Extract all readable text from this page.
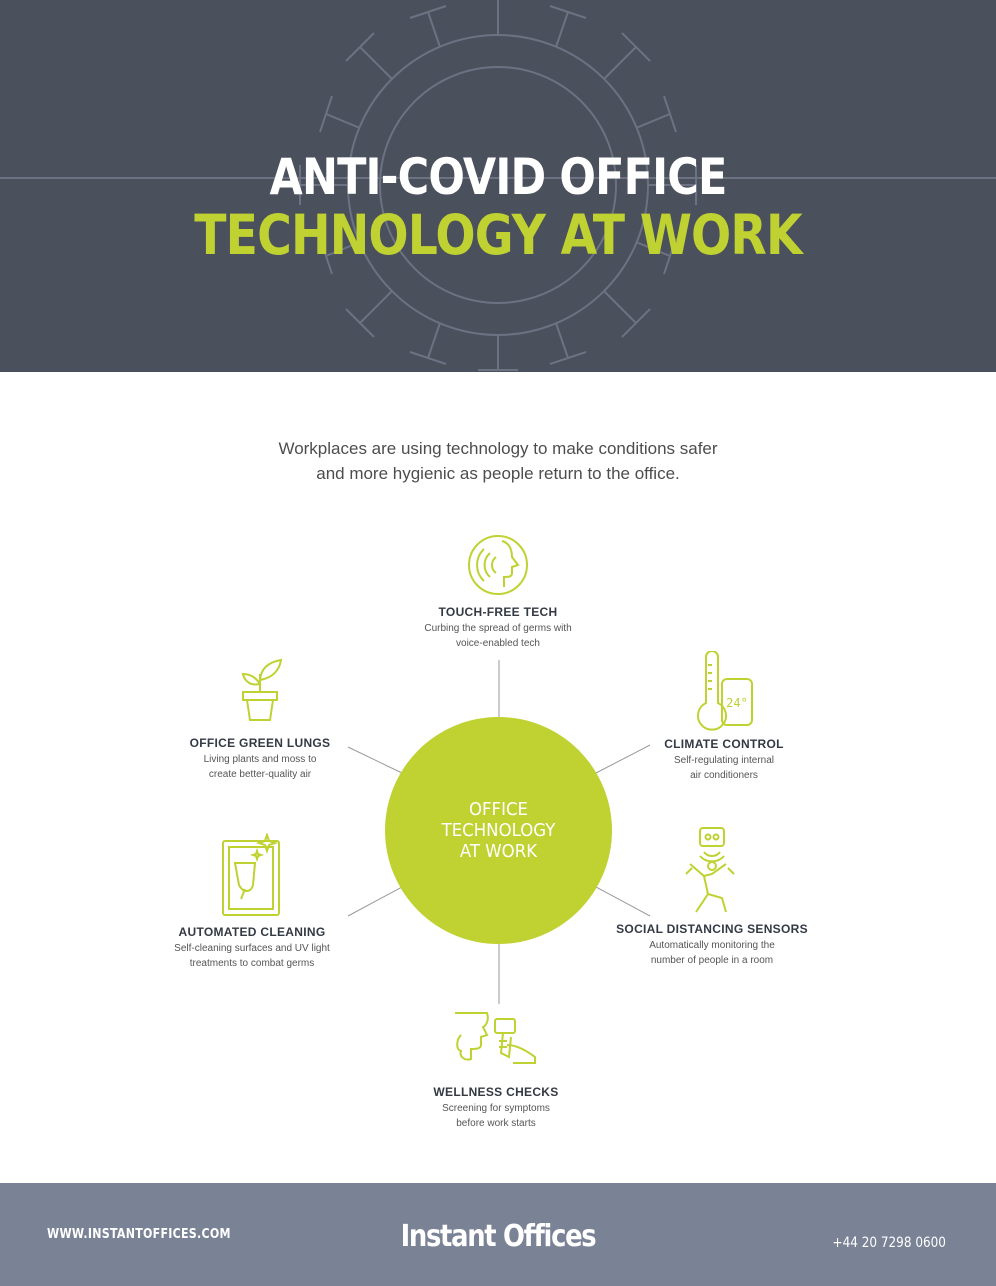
ANTI-COVID OFFICE
TECHNOLOGY AT WORK
Workplaces are using technology to make conditions safer
and more hygienic as people return to the office.
OFFICE
TECHNOLOGY
AT WORK
TOUCH-FREE TECH
Curbing the spread of germs with
voice-enabled tech
24°
CLIMATE CONTROL
Self-regulating internal
air conditioners
SOCIAL DISTANCING SENSORS
Automatically monitoring the
number of people in a room
WELLNESS CHECKS
Screening for symptoms
before work starts
AUTOMATED CLEANING
Self-cleaning surfaces and UV light
treatments to combat germs
OFFICE GREEN LUNGS
Living plants and moss to
create better-quality air
WWW.INSTANTOFFICES.COM	Instant Offices	+44 20 7298 0600
